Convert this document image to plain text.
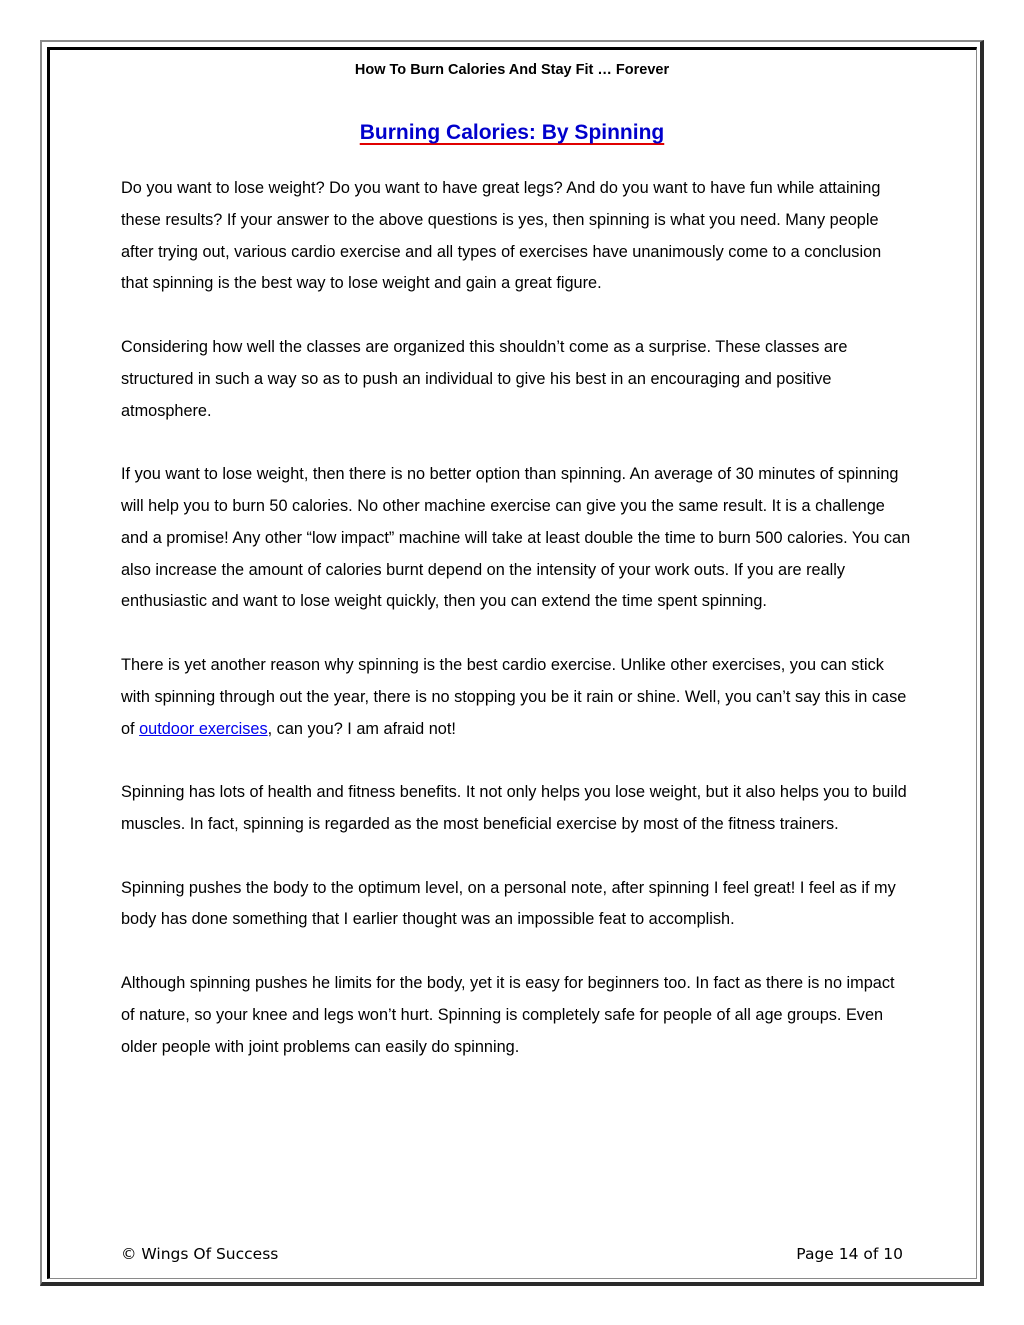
How To Burn Calories And Stay Fit … Forever
Burning Calories: By Spinning

Do you want to lose weight? Do you want to have great legs? And do you want to have fun while attaining these results? If your answer to the above questions is yes, then spinning is what you need. Many people after trying out, various cardio exercise and all types of exercises have unanimously come to a conclusion that spinning is the best way to lose weight and gain a great figure.

Considering how well the classes are organized this shouldn’t come as a surprise. These classes are structured in such a way so as to push an individual to give his best in an encouraging and positive atmosphere.

If you want to lose weight, then there is no better option than spinning. An average of 30 minutes of spinning will help you to burn 50 calories. No other machine exercise can give you the same result. It is a challenge and a promise! Any other “low impact” machine will take at least double the time to burn 500 calories. You can also increase the amount of calories burnt depend on the intensity of your work outs. If you are really enthusiastic and want to lose weight quickly, then you can extend the time spent spinning.

There is yet another reason why spinning is the best cardio exercise. Unlike other exercises, you can stick with spinning through out the year, there is no stopping you be it rain or shine. Well, you can’t say this in case of outdoor exercises, can you? I am afraid not!

Spinning has lots of health and fitness benefits. It not only helps you lose weight, but it also helps you to build muscles. In fact, spinning is regarded as the most beneficial exercise by most of the fitness trainers.

Spinning pushes the body to the optimum level, on a personal note, after spinning I feel great! I feel as if my body has done something that I earlier thought was an impossible feat to accomplish.

Although spinning pushes he limits for the body, yet it is easy for beginners too. In fact as there is no impact of nature, so your knee and legs won’t hurt. Spinning is completely safe for people of all age groups. Even older people with joint problems can easily do spinning.

© Wings Of Success	Page 14 of 10
